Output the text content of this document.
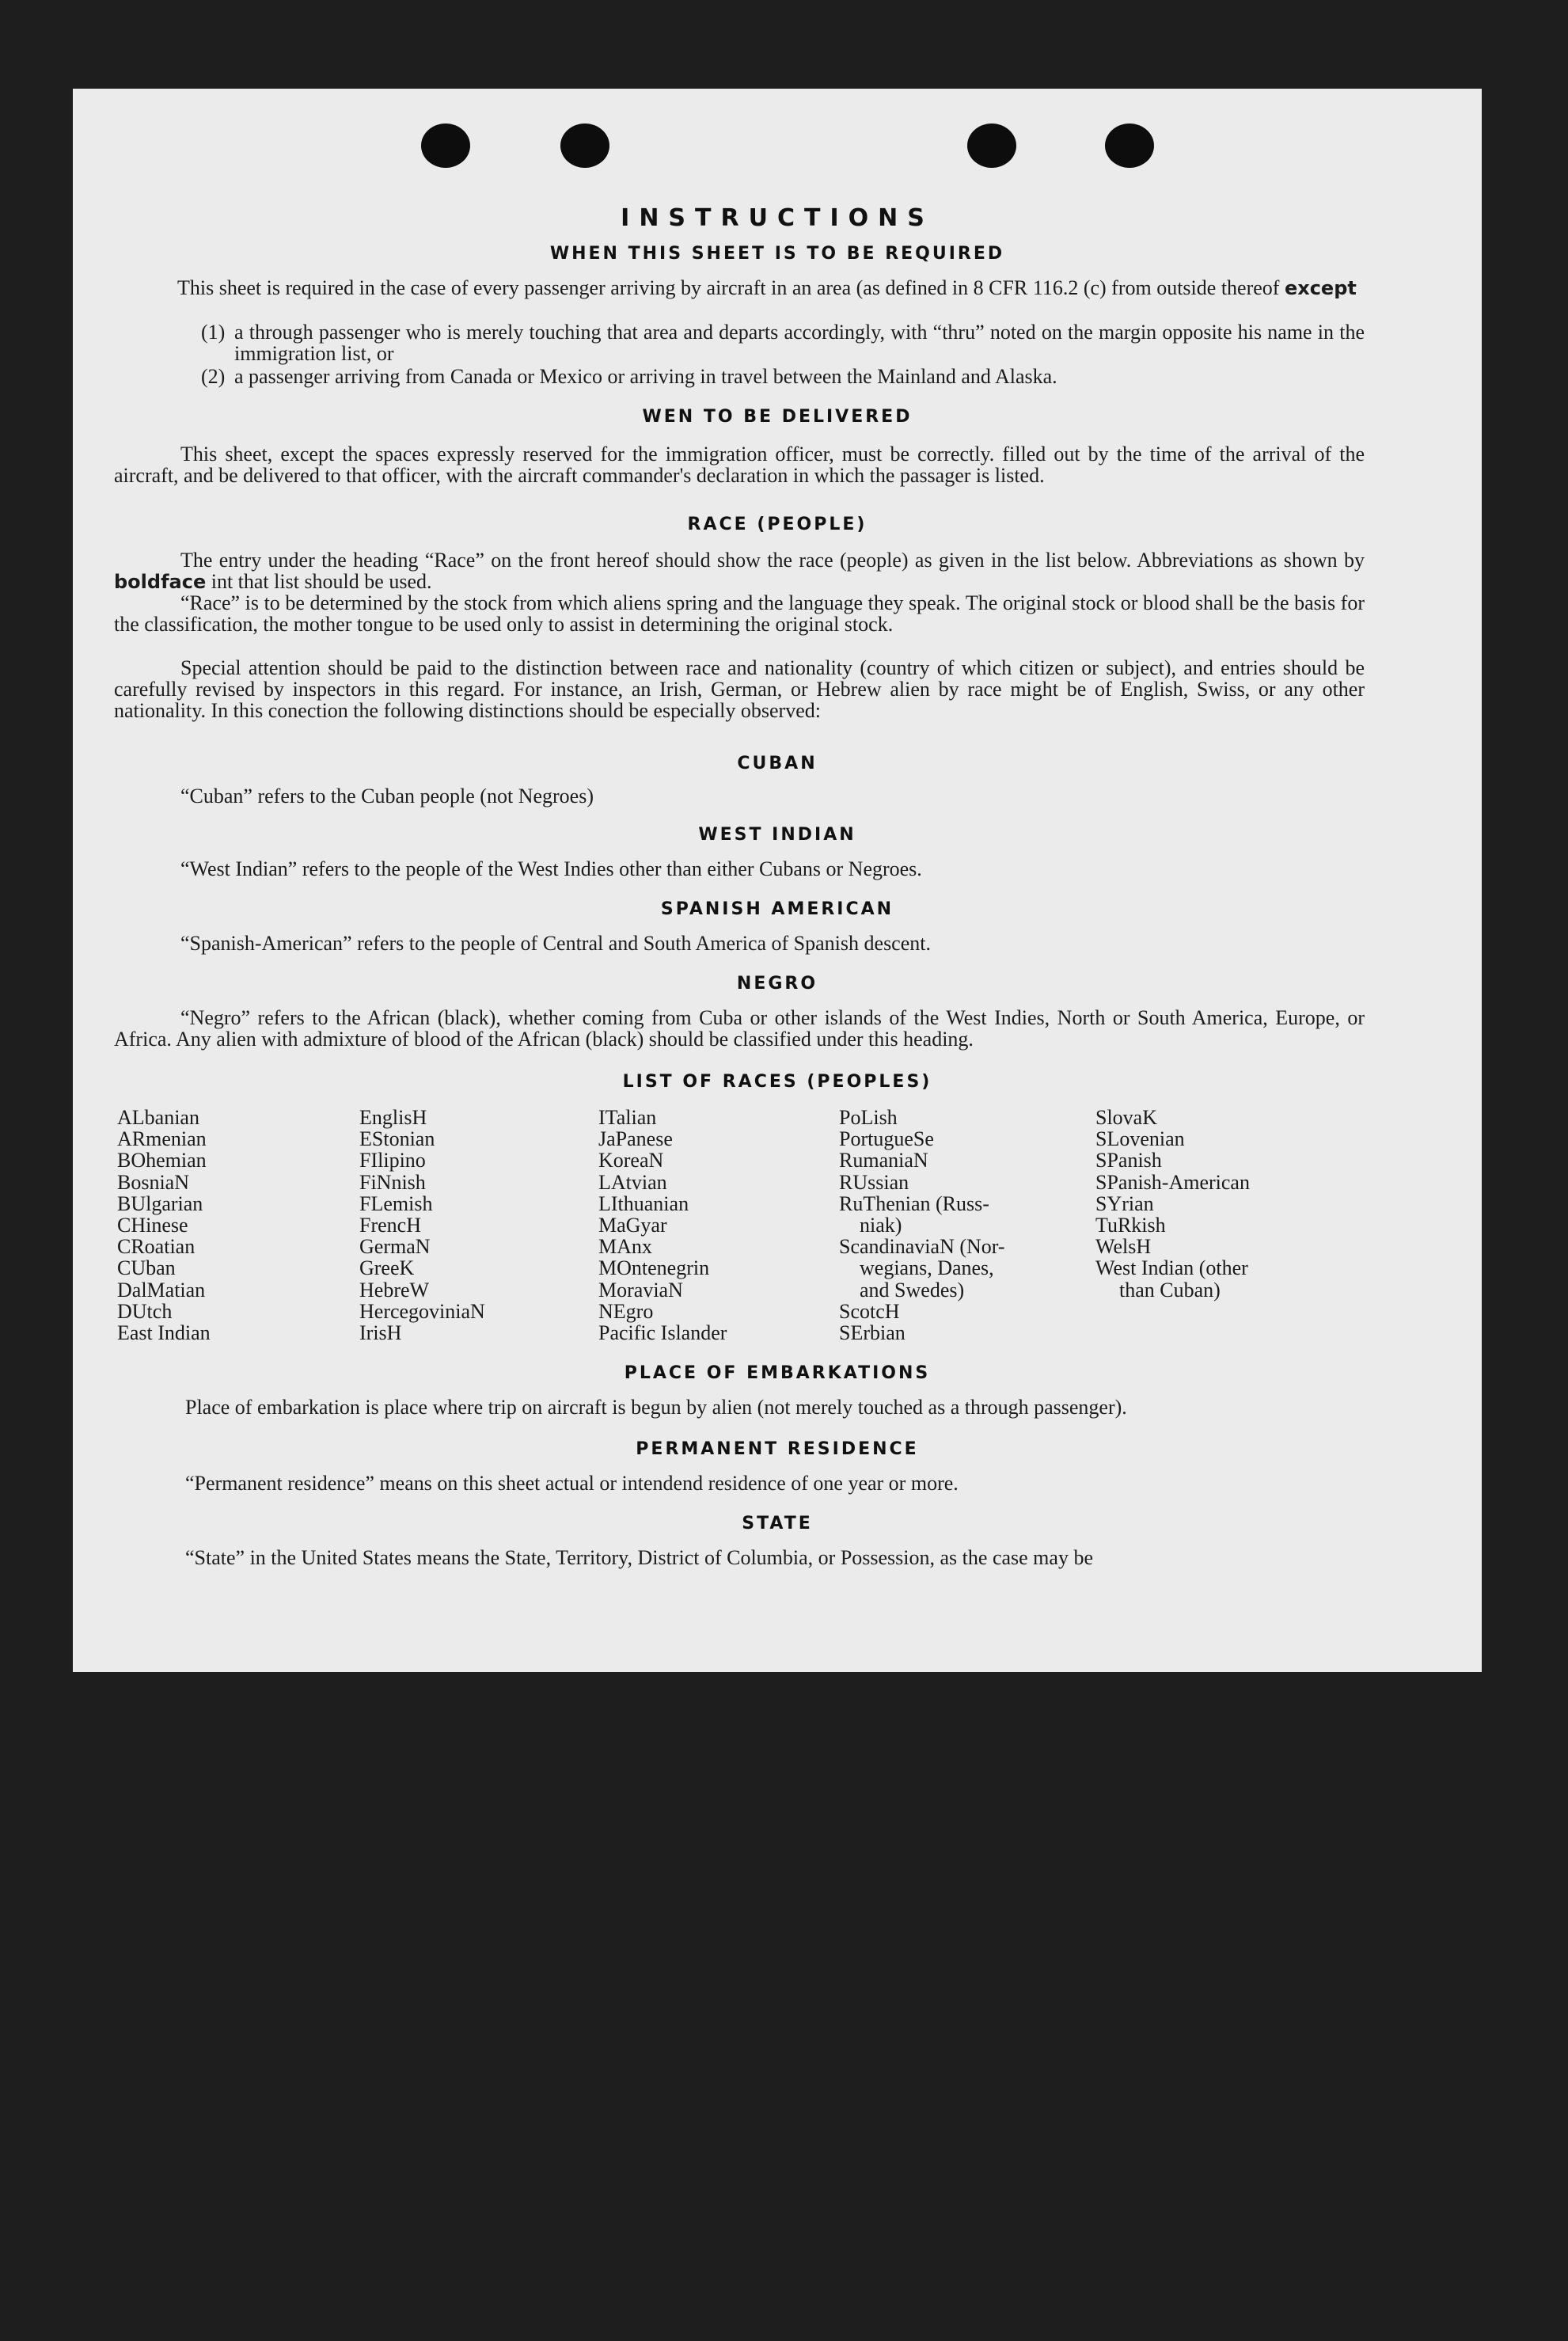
INSTRUCTIONS
WHEN THIS SHEET IS TO BE REQUIRED
This sheet is required in the case of every passenger arriving by aircraft in an area (as defined in 8 CFR 116.2 (c) from outside thereof except
(1) a through passenger who is merely touching that area and departs accordingly, with “thru” noted on the margin opposite his name in the immigration list, or
(2) a passenger arriving from Canada or Mexico or arriving in travel between the Mainland and Alaska.
WEN TO BE DELIVERED
This sheet, except the spaces expressly reserved for the immigration officer, must be correctly. filled out by the time of the arrival of the aircraft, and be delivered to that officer, with the aircraft commander's declaration in which the passager is listed.
RACE (PEOPLE)
The entry under the heading “Race” on the front hereof should show the race (people) as given in the list below. Abbreviations as shown by boldface int that list should be used.
“Race” is to be determined by the stock from which aliens spring and the language they speak. The original stock or blood shall be the basis for the classification, the mother tongue to be used only to assist in determining the original stock.
Special attention should be paid to the distinction between race and nationality (country of which citizen or subject), and entries should be carefully revised by inspectors in this regard. For instance, an Irish, German, or Hebrew alien by race might be of English, Swiss, or any other nationality. In this conection the following distinctions should be especially observed:
CUBAN
“Cuban” refers to the Cuban people (not Negroes)
WEST INDIAN
“West Indian” refers to the people of the West Indies other than either Cubans or Negroes.
SPANISH AMERICAN
“Spanish-American” refers to the people of Central and South America of Spanish descent.
NEGRO
“Negro” refers to the African (black), whether coming from Cuba or other islands of the West Indies, North or South America, Europe, or Africa. Any alien with admixture of blood of the African (black) should be classified under this heading.
LIST OF RACES (PEOPLES)
ALbanian
ARmenian
BOhemian
BosniaN
BUlgarian
CHinese
CRoatian
CUban
DalMatian
DUtch
East Indian
EnglisH
EStonian
FIlipino
FiNnish
FLemish
FrencH
GermaN
GreeK
HebreW
HercegoviniaN
IrisH
ITalian
JaPanese
KoreaN
LAtvian
LIthuanian
MaGyar
MAnx
MOntenegrin
MoraviaN
NEgro
Pacific Islander
PoLish
PortugueSe
RumaniaN
RUssian
RuThenian (Russ-
niak)
ScandinaviaN (Nor-
wegians, Danes,
and Swedes)
ScotcH
SErbian
SlovaK
SLovenian
SPanish
SPanish-American
SYrian
TuRkish
WelsH
West Indian (other
than Cuban)
PLACE OF EMBARKATIONS
Place of embarkation is place where trip on aircraft is begun by alien (not merely touched as a through passenger).
PERMANENT RESIDENCE
“Permanent residence” means on this sheet actual or intendend residence of one year or more.
STATE
“State” in the United States means the State, Territory, District of Columbia, or Possession, as the case may be
